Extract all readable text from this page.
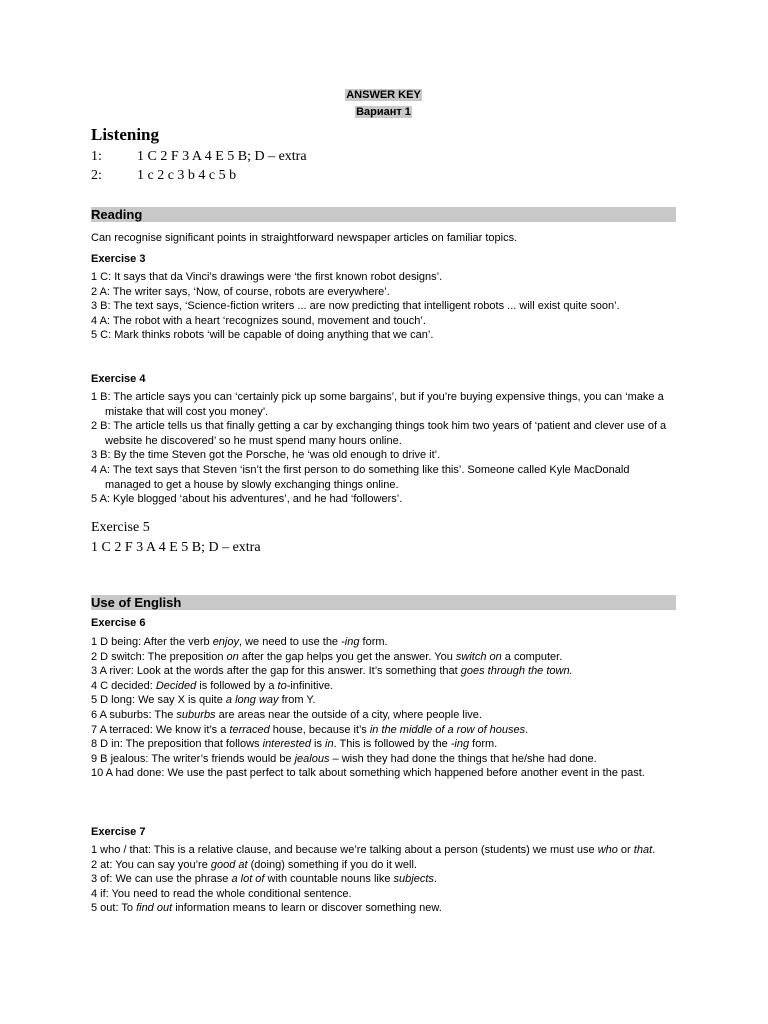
ANSWER KEY
Вариант 1
Listening
1:	1 C 2 F 3 A 4 E 5 B; D – extra
2:	1 c 2 c 3 b 4 c 5 b
Reading
Can recognise significant points in straightforward newspaper articles on familiar topics.
Exercise 3
1 C: It says that da Vinci’s drawings were ‘the first known robot designs’.
2 A: The writer says, ‘Now, of course, robots are everywhere’.
3 B: The text says, ‘Science-fiction writers ... are now predicting that intelligent robots ... will exist quite soon’.
4 A: The robot with a heart ‘recognizes sound, movement and touch’.
5 C: Mark thinks robots ‘will be capable of doing anything that we can’.
Exercise 4
1 B: The article says you can ‘certainly pick up some bargains’, but if you’re buying expensive things, you can ‘make a mistake that will cost you money’.
2 B: The article tells us that finally getting a car by exchanging things took him two years of ‘patient and clever use of a website he discovered’ so he must spend many hours online.
3 B: By the time Steven got the Porsche, he ‘was old enough to drive it’.
4 A: The text says that Steven ‘isn’t the first person to do something like this’. Someone called Kyle MacDonald managed to get a house by slowly exchanging things online.
5 A: Kyle blogged ‘about his adventures’, and he had ‘followers’.
Exercise 5
1 C 2 F 3 A 4 E 5 B; D – extra
Use of English
Exercise 6
1 D being: After the verb enjoy, we need to use the -ing form.
2 D switch: The preposition on after the gap helps you get the answer. You switch on a computer.
3 A river: Look at the words after the gap for this answer. It’s something that goes through the town.
4 C decided: Decided is followed by a to-infinitive.
5 D long: We say X is quite a long way from Y.
6 A suburbs: The suburbs are areas near the outside of a city, where people live.
7 A terraced: We know it’s a terraced house, because it’s in the middle of a row of houses.
8 D in: The preposition that follows interested is in. This is followed by the -ing form.
9 B jealous: The writer’s friends would be jealous – wish they had done the things that he/she had done.
10 A had done: We use the past perfect to talk about something which happened before another event in the past.
Exercise 7
1 who / that: This is a relative clause, and because we’re talking about a person (students) we must use who or that.
2 at: You can say you’re good at (doing) something if you do it well.
3 of: We can use the phrase a lot of with countable nouns like subjects.
4 if: You need to read the whole conditional sentence.
5 out: To find out information means to learn or discover something new.
